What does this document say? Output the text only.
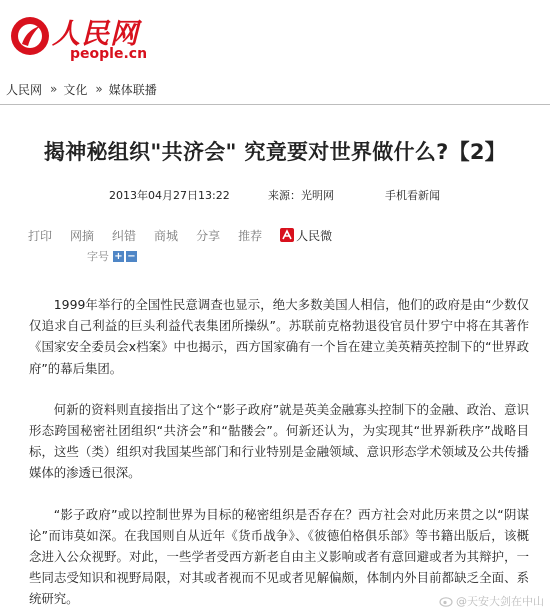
人民网
people.cn
人民网 » 文化 » 媒体联播
揭神秘组织"共济会" 究竟要对世界做什么?【2】
2013年04月27日13:22	来源：光明网	手机看新闻
打印 网摘 纠错 商城 分享 推荐	人民微
字号 + −

1999年举行的全国性民意调查也显示，绝大多数美国人相信，他们的政府是由“少数仅仅追求自己利益的巨头利益代表集团所操纵”。苏联前克格勃退役官员什罗宁中将在其著作《国家安全委员会x档案》中也揭示，西方国家确有一个旨在建立美英精英控制下的“世界政府”的幕后集团。

何新的资料则直接指出了这个“影子政府”就是英美金融寡头控制下的金融、政治、意识形态跨国秘密社团组织“共济会”和“骷髅会”。何新还认为，为实现其“世界新秩序”战略目标，这些（类）组织对我国某些部门和行业特别是金融领域、意识形态学术领域及公共传播媒体的渗透已很深。

“影子政府”或以控制世界为目标的秘密组织是否存在？西方社会对此历来贯之以“阴谋论”而讳莫如深。在我国则自从近年《货币战争》、《彼德伯格俱乐部》等书籍出版后，该概念进入公众视野。对此，一些学者受西方新老自由主义影响或者有意回避或者为其辩护，一些同志受知识和视野局限，对其或者视而不见或者见解偏颇，体制内外目前都缺乏全面、系统研究。	@天安大剑在中山
